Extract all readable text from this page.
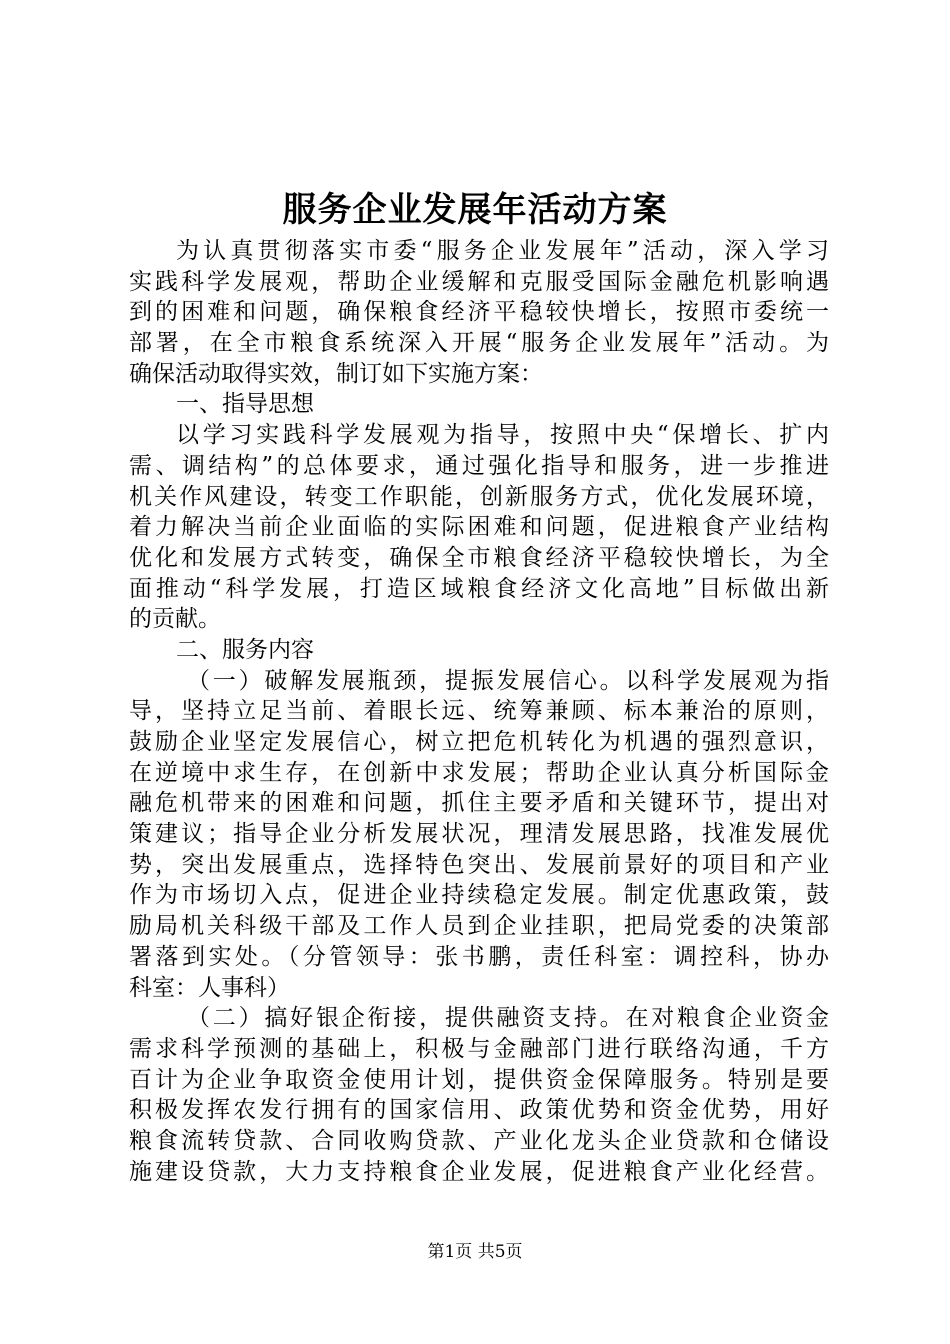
服务企业发展年活动方案
为认真贯彻落实市委“服务企业发展年”活动，深入学习
实践科学发展观，帮助企业缓解和克服受国际金融危机影响遇
到的困难和问题，确保粮食经济平稳较快增长，按照市委统一
部署，在全市粮食系统深入开展“服务企业发展年”活动。为
确保活动取得实效，制订如下实施方案：
一、指导思想
以学习实践科学发展观为指导，按照中央“保增长、扩内
需、调结构”的总体要求，通过强化指导和服务，进一步推进
机关作风建设，转变工作职能，创新服务方式，优化发展环境，
着力解决当前企业面临的实际困难和问题，促进粮食产业结构
优化和发展方式转变，确保全市粮食经济平稳较快增长，为全
面推动“科学发展，打造区域粮食经济文化高地”目标做出新
的贡献。
二、服务内容
（一）破解发展瓶颈，提振发展信心。以科学发展观为指
导，坚持立足当前、着眼长远、统筹兼顾、标本兼治的原则，
鼓励企业坚定发展信心，树立把危机转化为机遇的强烈意识，
在逆境中求生存，在创新中求发展；帮助企业认真分析国际金
融危机带来的困难和问题，抓住主要矛盾和关键环节，提出对
策建议；指导企业分析发展状况，理清发展思路，找准发展优
势，突出发展重点，选择特色突出、发展前景好的项目和产业
作为市场切入点，促进企业持续稳定发展。制定优惠政策，鼓
励局机关科级干部及工作人员到企业挂职，把局党委的决策部
署落到实处。（分管领导：张书鹏，责任科室：调控科，协办
科室：人事科）
（二）搞好银企衔接，提供融资支持。在对粮食企业资金
需求科学预测的基础上，积极与金融部门进行联络沟通，千方
百计为企业争取资金使用计划，提供资金保障服务。特别是要
积极发挥农发行拥有的国家信用、政策优势和资金优势，用好
粮食流转贷款、合同收购贷款、产业化龙头企业贷款和仓储设
施建设贷款，大力支持粮食企业发展，促进粮食产业化经营。
第1页 共5页
